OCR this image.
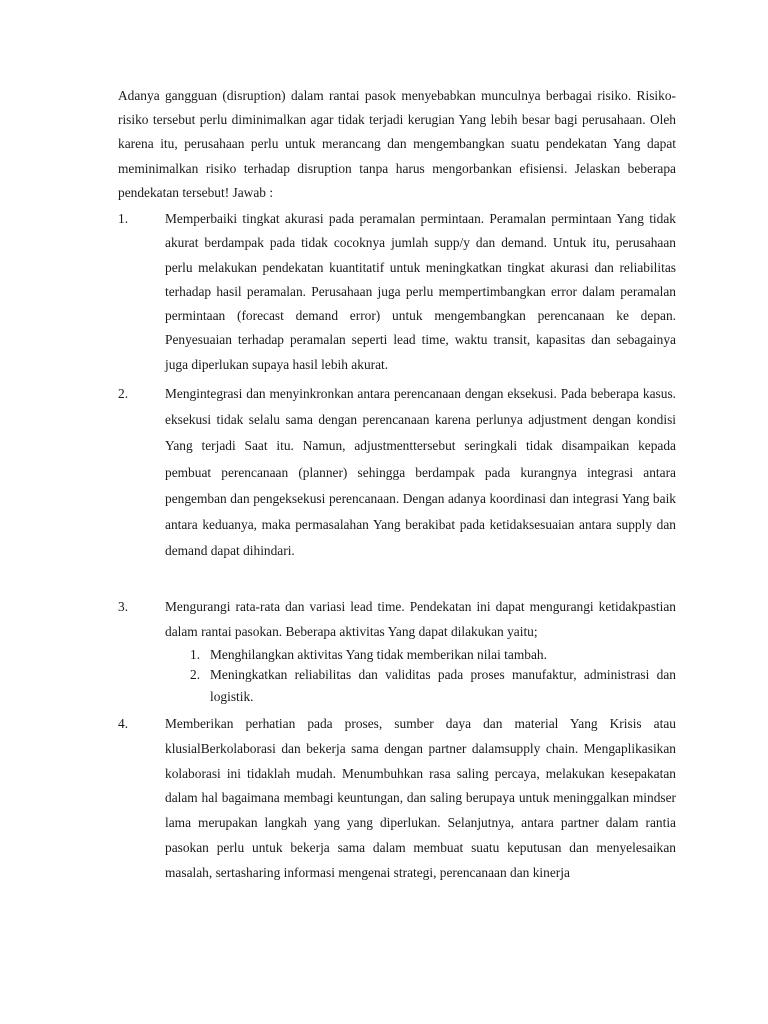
Adanya gangguan (disruption) dalam rantai pasok menyebabkan munculnya berbagai risiko. Risiko-risiko tersebut perlu diminimalkan agar tidak terjadi kerugian Yang lebih besar bagi perusahaan. Oleh karena itu, perusahaan perlu untuk merancang dan mengembangkan suatu pendekatan Yang dapat meminimalkan risiko terhadap disruption tanpa harus mengorbankan efisiensi. Jelaskan beberapa pendekatan tersebut! Jawab :

1.	Memperbaiki tingkat akurasi pada peramalan permintaan. Peramalan permintaan Yang tidak akurat berdampak pada tidak cocoknya jumlah supp/y dan demand. Untuk itu, perusahaan perlu melakukan pendekatan kuantitatif untuk meningkatkan tingkat akurasi dan reliabilitas terhadap hasil peramalan. Perusahaan juga perlu mempertimbangkan error dalam peramalan permintaan (forecast demand error) untuk mengembangkan perencanaan ke depan. Penyesuaian terhadap peramalan seperti lead time, waktu transit, kapasitas dan sebagainya juga diperlukan supaya hasil lebih akurat.

2.	Mengintegrasi dan menyinkronkan antara perencanaan dengan eksekusi. Pada beberapa kasus. eksekusi tidak selalu sama dengan perencanaan karena perlunya adjustment dengan kondisi Yang terjadi Saat itu. Namun, adjustmenttersebut seringkali tidak disampaikan kepada pembuat perencanaan (planner) sehingga berdampak pada kurangnya integrasi antara pengemban dan pengeksekusi perencanaan. Dengan adanya koordinasi dan integrasi Yang baik antara keduanya, maka permasalahan Yang berakibat pada ketidaksesuaian antara supply dan demand dapat dihindari.

3.	Mengurangi rata-rata dan variasi lead time. Pendekatan ini dapat mengurangi ketidakpastian dalam rantai pasokan. Beberapa aktivitas Yang dapat dilakukan yaitu;

1. Menghilangkan aktivitas Yang tidak memberikan nilai tambah.
2. Meningkatkan reliabilitas dan validitas pada proses manufaktur, administrasi dan logistik.
4.	Memberikan perhatian pada proses, sumber daya dan material Yang Krisis atau klusialBerkolaborasi dan bekerja sama dengan partner dalamsupply chain. Mengaplikasikan kolaborasi ini tidaklah mudah. Menumbuhkan rasa saling percaya, melakukan kesepakatan dalam hal bagaimana membagi keuntungan, dan saling berupaya untuk meninggalkan mindser lama merupakan langkah yang yang diperlukan. Selanjutnya, antara partner dalam rantia pasokan perlu untuk bekerja sama dalam membuat suatu keputusan dan menyelesaikan masalah, sertasharing informasi mengenai strategi, perencanaan dan kinerja
